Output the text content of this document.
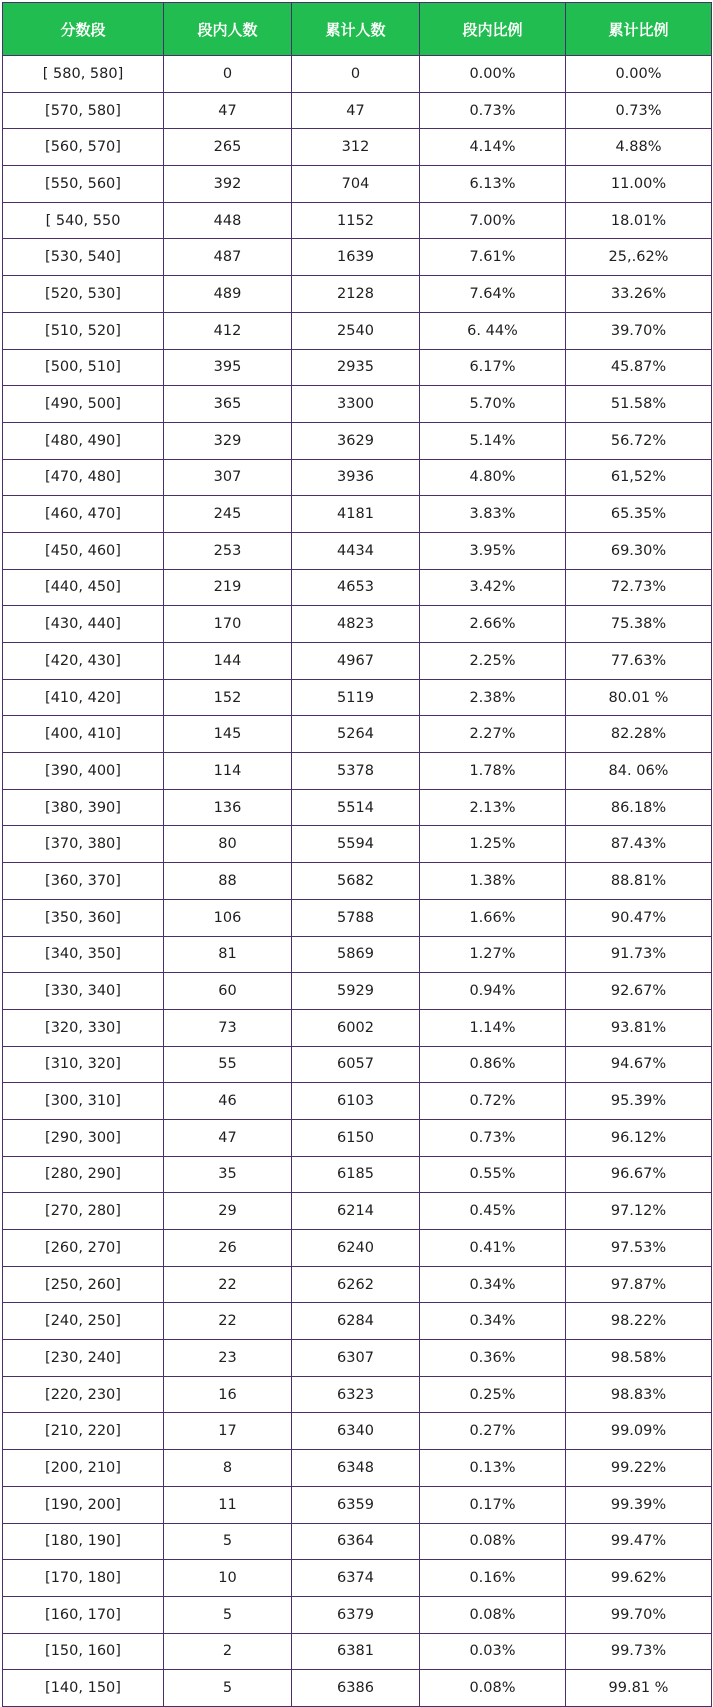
分数段	段内人数	累计人数	段内比例	累计比例
[ 580, 580]	0	0	0.00%	0.00%
[570, 580]	47	47	0.73%	0.73%
[560, 570]	265	312	4.14%	4.88%
[550, 560]	392	704	6.13%	11.00%
[ 540, 550	448	1152	7.00%	18.01%
[530, 540]	487	1639	7.61%	25,.62%
[520, 530]	489	2128	7.64%	33.26%
[510, 520]	412	2540	6. 44%	39.70%
[500, 510]	395	2935	6.17%	45.87%
[490, 500]	365	3300	5.70%	51.58%
[480, 490]	329	3629	5.14%	56.72%
[470, 480]	307	3936	4.80%	61,52%
[460, 470]	245	4181	3.83%	65.35%
[450, 460]	253	4434	3.95%	69.30%
[440, 450]	219	4653	3.42%	72.73%
[430, 440]	170	4823	2.66%	75.38%
[420, 430]	144	4967	2.25%	77.63%
[410, 420]	152	5119	2.38%	80.01 %
[400, 410]	145	5264	2.27%	82.28%
[390, 400]	114	5378	1.78%	84. 06%
[380, 390]	136	5514	2.13%	86.18%
[370, 380]	80	5594	1.25%	87.43%
[360, 370]	88	5682	1.38%	88.81%
[350, 360]	106	5788	1.66%	90.47%
[340, 350]	81	5869	1.27%	91.73%
[330, 340]	60	5929	0.94%	92.67%
[320, 330]	73	6002	1.14%	93.81%
[310, 320]	55	6057	0.86%	94.67%
[300, 310]	46	6103	0.72%	95.39%
[290, 300]	47	6150	0.73%	96.12%
[280, 290]	35	6185	0.55%	96.67%
[270, 280]	29	6214	0.45%	97.12%
[260, 270]	26	6240	0.41%	97.53%
[250, 260]	22	6262	0.34%	97.87%
[240, 250]	22	6284	0.34%	98.22%
[230, 240]	23	6307	0.36%	98.58%
[220, 230]	16	6323	0.25%	98.83%
[210, 220]	17	6340	0.27%	99.09%
[200, 210]	8	6348	0.13%	99.22%
[190, 200]	11	6359	0.17%	99.39%
[180, 190]	5	6364	0.08%	99.47%
[170, 180]	10	6374	0.16%	99.62%
[160, 170]	5	6379	0.08%	99.70%
[150, 160]	2	6381	0.03%	99.73%
[140, 150]	5	6386	0.08%	99.81 %
